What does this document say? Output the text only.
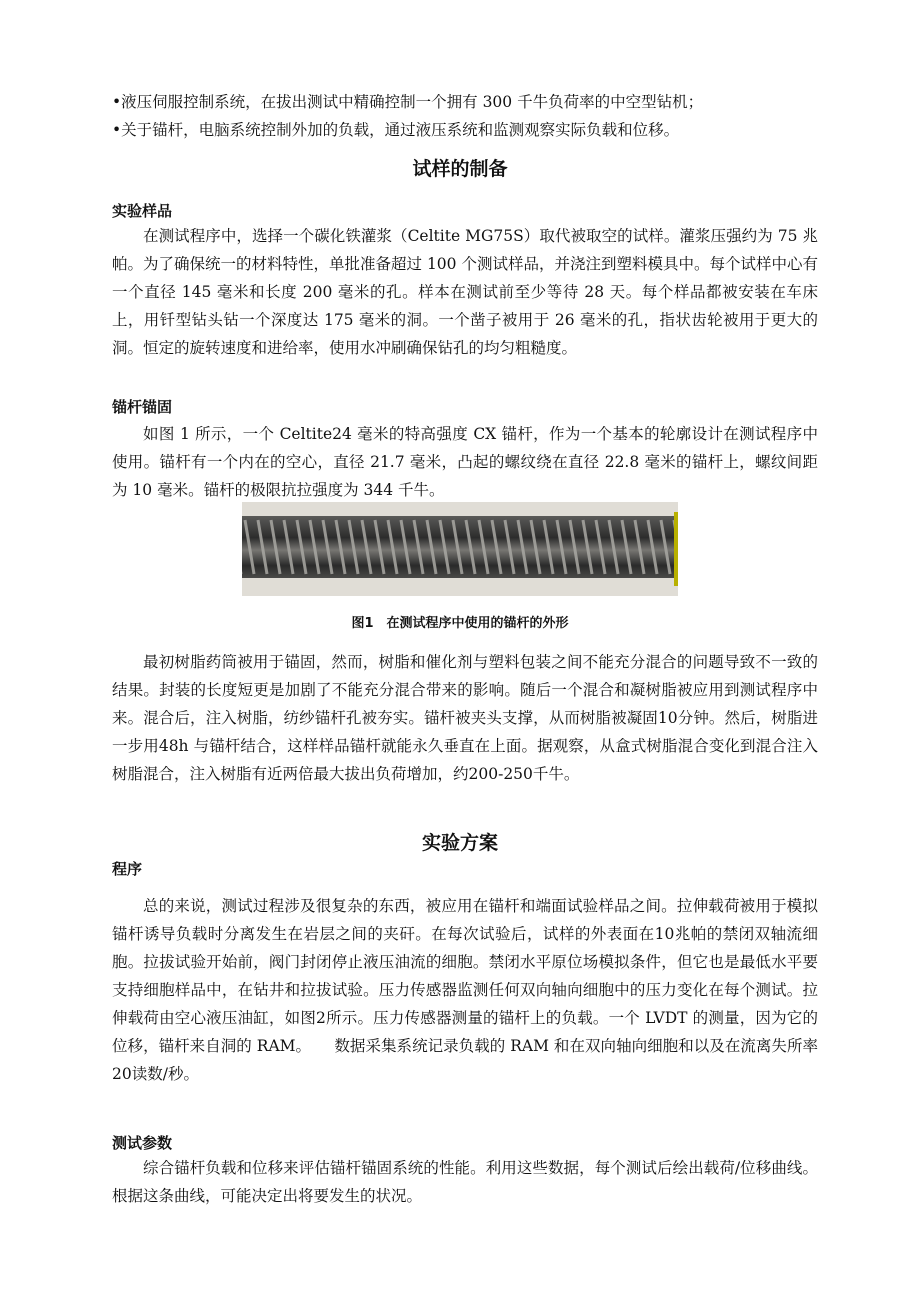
•液压伺服控制系统，在拔出测试中精确控制一个拥有 300 千牛负荷率的中空型钻机；

•关于锚杆，电脑系统控制外加的负载，通过液压系统和监测观察实际负载和位移。

试样的制备
实验样品

在测试程序中，选择一个碳化铁灌浆（Celtite MG75S）取代被取空的试样。灌浆压强约为 75 兆帕。为了确保统一的材料特性，单批准备超过 100 个测试样品，并浇注到塑料模具中。每个试样中心有一个直径 145 毫米和长度 200 毫米的孔。样本在测试前至少等待 28 天。每个样品都被安装在车床上，用钎型钻头钻一个深度达 175 毫米的洞。一个凿子被用于 26 毫米的孔，指状齿轮被用于更大的洞。恒定的旋转速度和进给率，使用水冲刷确保钻孔的均匀粗糙度。

锚杆锚固

如图 1 所示，一个 Celtite24 毫米的特高强度 CX 锚杆，作为一个基本的轮廓设计在测试程序中使用。锚杆有一个内在的空心，直径 21.7 毫米，凸起的螺纹绕在直径 22.8 毫米的锚杆上，螺纹间距为 10 毫米。锚杆的极限抗拉强度为 344 千牛。

图1　在测试程序中使用的锚杆的外形

最初树脂药筒被用于锚固，然而，树脂和催化剂与塑料包装之间不能充分混合的问题导致不一致的结果。封装的长度短更是加剧了不能充分混合带来的影响。随后一个混合和凝树脂被应用到测试程序中来。混合后，注入树脂，纺纱锚杆孔被夯实。锚杆被夹头支撑，从而树脂被凝固10分钟。然后，树脂进一步用48h 与锚杆结合，这样样品锚杆就能永久垂直在上面。据观察，从盒式树脂混合变化到混合注入树脂混合，注入树脂有近两倍最大拔出负荷增加，约200-250千牛。

实验方案
程序

总的来说，测试过程涉及很复杂的东西，被应用在锚杆和端面试验样品之间。拉伸载荷被用于模拟锚杆诱导负载时分离发生在岩层之间的夹矸。在每次试验后，试样的外表面在10兆帕的禁闭双轴流细胞。拉拔试验开始前，阀门封闭停止液压油流的细胞。禁闭水平原位场模拟条件，但它也是最低水平要支持细胞样品中，在钻井和拉拔试验。压力传感器监测任何双向轴向细胞中的压力变化在每个测试。拉伸载荷由空心液压油缸，如图2所示。压力传感器测量的锚杆上的负载。一个 LVDT 的测量，因为它的位移，锚杆来自洞的 RAM。　　数据采集系统记录负载的 RAM 和在双向轴向细胞和以及在流离失所率20读数/秒。

测试参数

综合锚杆负载和位移来评估锚杆锚固系统的性能。利用这些数据，每个测试后绘出载荷/位移曲线。根据这条曲线，可能决定出将要发生的状况。
